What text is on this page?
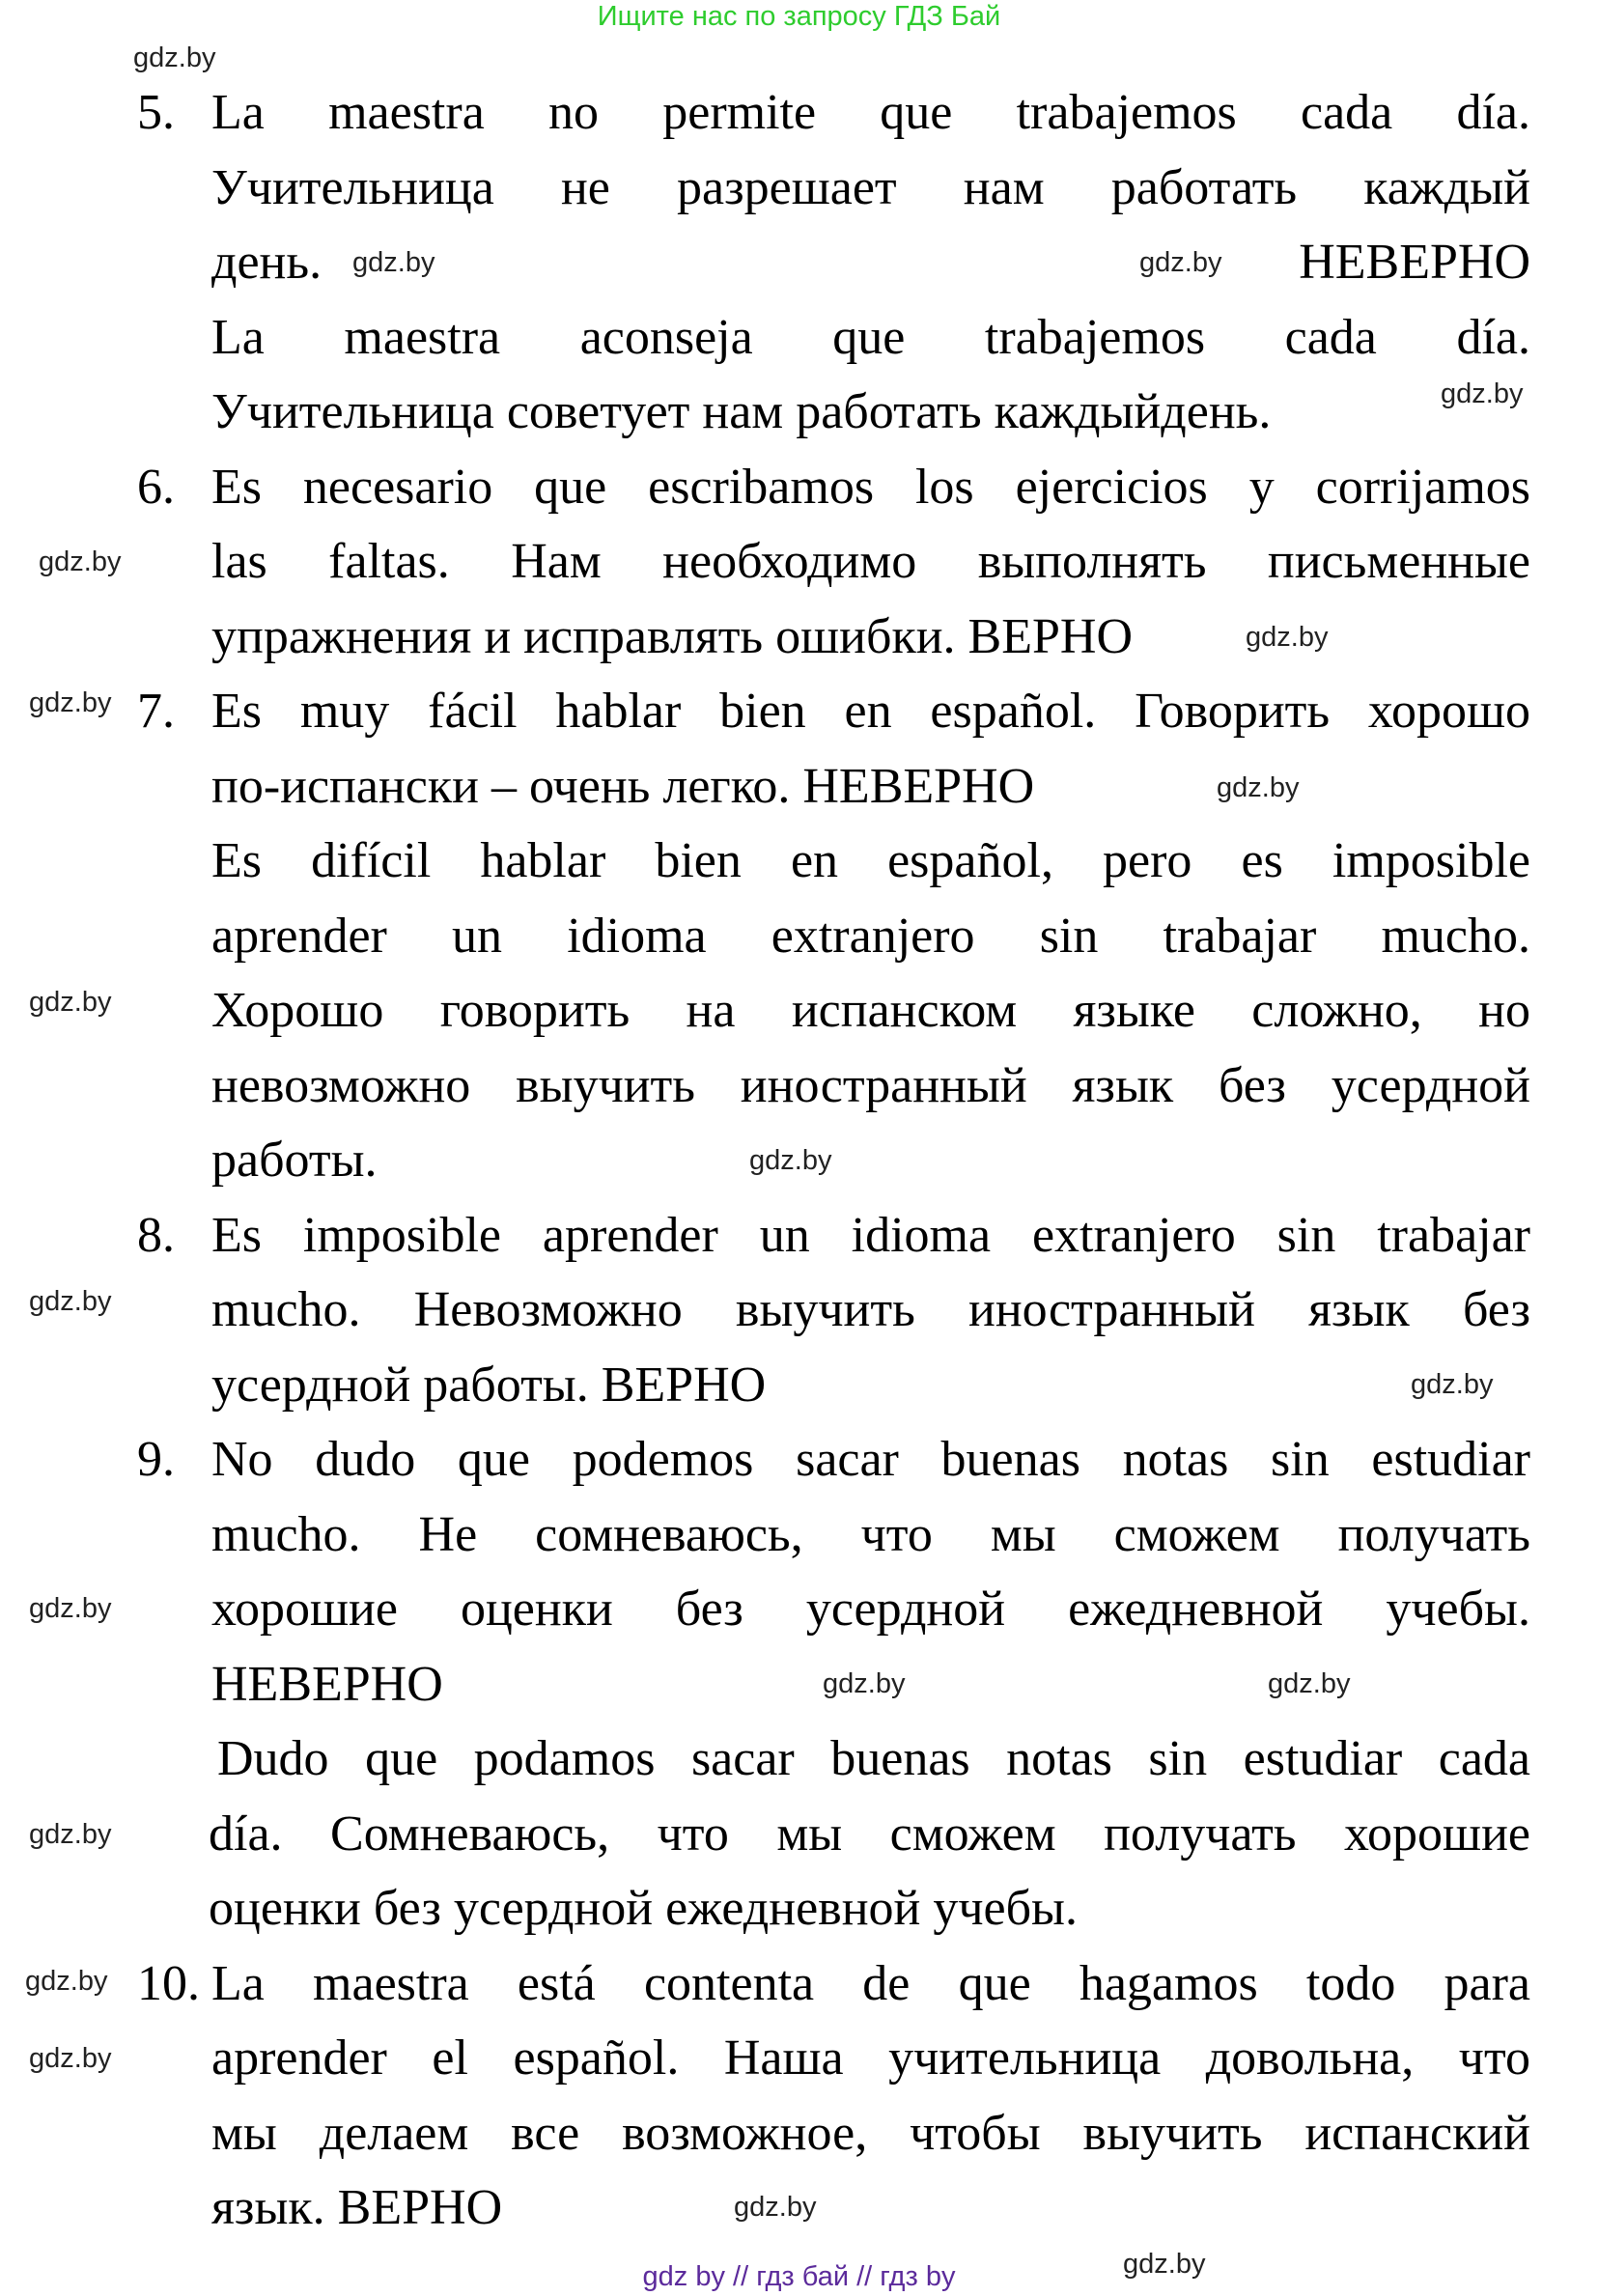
Ищите нас по запросу ГДЗ Бай
5. La maestra no permite que trabajemos cada día.
Учительница не разрешает нам работать каждый
день.	НЕВЕРНО
La maestra aconseja que trabajemos cada día.
Учительница советует нам работать каждыйдень.
6. Es necesario que escribamos los ejercicios y corrijamos
las faltas. Нам необходимо выполнять письменные
упражнения и исправлять ошибки. ВЕРНО
7. Es muy fácil hablar bien en español. Говорить хорошо
по-испански – очень легко. НЕВЕРНО
Es difícil hablar bien en español, pero es imposible
aprender un idioma extranjero sin trabajar mucho.
Хорошо говорить на испанском языке сложно, но
невозможно выучить иностранный язык без усердной
работы.
8. Es imposible aprender un idioma extranjero sin trabajar
mucho. Невозможно выучить иностранный язык без
усердной работы. ВЕРНО
9. No dudo que podemos sacar buenas notas sin estudiar
mucho. Не сомневаюсь, что мы сможем получать
хорошие оценки без усердной ежедневной учебы.
НЕВЕРНО
Dudo que podamos sacar buenas notas sin estudiar cada
día. Сомневаюсь, что мы сможем получать хорошие
оценки без усердной ежедневной учебы.
10. La maestra está contenta de que hagamos todo para
aprender el español. Наша учительница довольна, что
мы делаем все возможное, чтобы выучить испанский
язык. ВЕРНО
gdz.by
gdz.by
gdz.by
gdz.by
gdz.by
gdz.by
gdz.by
gdz.by
gdz.by
gdz.by
gdz.by
gdz.by
gdz.by
gdz.by
gdz.by
gdz.by
gdz.by
gdz.by
gdz.by
gdz.by
gdz by // гдз бай // гдз by
